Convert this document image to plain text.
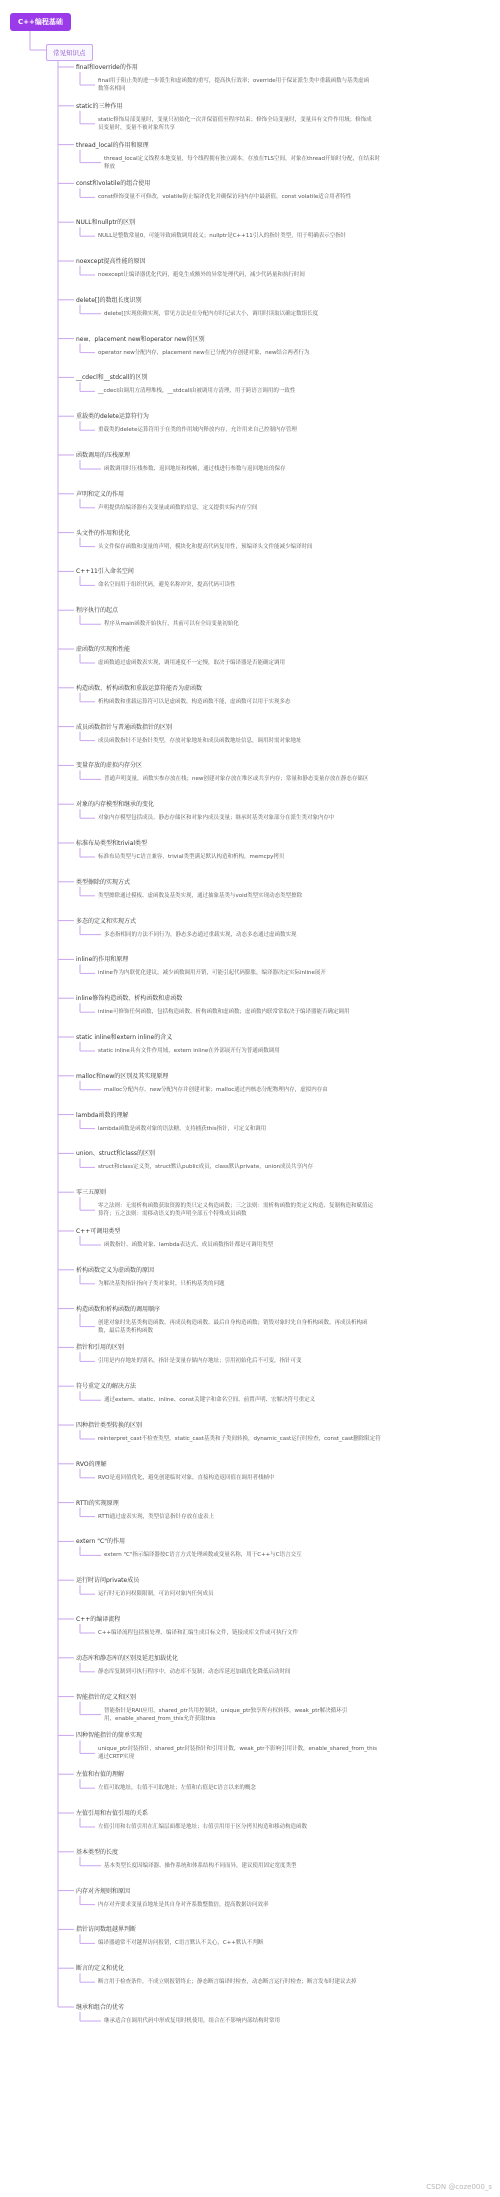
C++编程基础
常见知识点
final和override的作用
final用于阻止类的进一步派生和虚函数的重写，提高执行效率；override用于保证派生类中重载函数与基类虚函
数签名相同
static的三种作用
static修饰局部变量时，变量只初始化一次并保留值至程序结束；修饰全局变量时，变量具有文件作用域；修饰成
员变量时，变量不被对象所共享
thread_local的作用和原理
thread_local定义线程本地变量，每个线程拥有独立副本，存放在TLS空间，对象在thread开始时分配，在结束时
释放
const和volatile的组合使用
const修饰变量不可修改，volatile防止编译优化并确保访问内存中最新值，const volatile适合用者特性
NULL和nullptr的区别
NULL是整数常量0，可能导致函数调用歧义；nullptr是C++11引入的指针类型，用于明确表示空指针
noexcept提高性能的原因
noexcept让编译器优化代码，避免生成额外的异常处理代码，减少代码量和执行时间
delete[]的数组长度识别
delete[]实现依赖实现，常见方法是在分配内存时记录大小，调用时读取以确定数组长度
new、placement new和operator new的区别
operator new分配内存，placement new在已分配内存创建对象，new结合两者行为
__cdecl和__stdcall的区别
__cdecl由调用方清理堆栈，__stdcall由被调用方清理，用于跨语言调用的一致性
重载类的delete运算符行为
重载类的delete运算符用于在类的作用域内释放内存，允许用来自己控制内存管理
函数调用的压栈原理
函数调用时压栈参数、返回地址和栈帧，通过栈进行参数与返回地址的保存
声明和定义的作用
声明提供给编译器有关变量或函数的信息，定义提供实际内存空间
头文件的作用和优化
头文件保存函数和变量的声明，模块化和提高代码复用性，预编译头文件能减少编译时间
C++11引入命名空间
命名空间用于组织代码，避免名称冲突，提高代码可读性
程序执行的起点
程序从main函数开始执行，其前可以有全局变量初始化
虚函数的实现和性能
虚函数通过虚函数表实现，调用速度不一定慢，取决于编译器是否能确定调用
构造函数、析构函数和重载运算符能否为虚函数
析构函数和重载运算符可以是虚函数，构造函数不能，虚函数可以用于实现多态
成员函数指针与普通函数指针的区别
成员函数指针不是指针类型，存放对象地址和成员函数地址信息，调用时需对象地址
变量存放的虚拟内存分区
普通声明变量，函数实参存放在栈；new创建对象存放在堆区或共享内存；常量和静态变量存放在静态存储区
对象的内存模型和继承的变化
对象内存模型包括成员、静态存储区和对象内成员变量；继承时基类对象部分在派生类对象内存中
标准布局类型和trivial类型
标准布局类型与C语言兼容，trivial类型满足默认构造和析构，memcpy拷贝
类型擦除的实现方式
类型擦除通过模板、虚函数及基类实现，通过抽象基类与void类型实现动态类型擦除
多态的定义和实现方式
多态指相同的方法不同行为，静态多态通过重载实现，动态多态通过虚函数实现
inline的作用和原理
inline作为内联优化建议，减少函数调用开销，可能引起代码膨胀，编译器决定实际inline展开
inline修饰构造函数、析构函数和虚函数
inline可修饰任何函数，包括构造函数、析构函数和虚函数；虚函数内联常常取决于编译器能否确定调用
static inline和extern inline的含义
static inline具有文件作用域，extern inline在外部展开行为普通函数调用
malloc和new的区别及其实现原理
malloc分配内存，new分配内存并创建对象；malloc通过内核态分配物理内存，虚拟内存由
lambda函数的理解
lambda函数是函数对象的语法糖，支持捕获this指针，可定义和调用
union、struct和class的区别
struct和class定义类，struct默认public成员，class默认private，union成员共享内存
零三五原则
零之法则：无需析构函数获取资源的类只定义构造函数；三之法则：需析构函数的类定义构造、复制构造和赋值运
算符；五之法则：需移动语义的类声明全部五个特殊成员函数
C++可调用类型
函数指针、函数对象、lambda表达式、成员函数指针都是可调用类型
析构函数定义为虚函数的原因
为解决基类指针指向子类对象时，只析构基类的问题
构造函数和析构函数的调用顺序
创建对象时先基类构造函数、再成员构造函数、最后自身构造函数；销毁对象时先自身析构函数、再成员析构函
数，最后基类析构函数
指针和引用的区别
引用是内存地址的别名，指针是变量存储内存地址；引用初始化后不可变，指针可变
符号重定义的解决方法
通过extern、static、inline、const关键字和命名空间、前置声明、宏解决符号重定义
四种指针类型转换的区别
reinterpret_cast不检查类型，static_cast基类和子类间转换，dynamic_cast运行时检查，const_cast删除限定符
RVO的理解
RVO是返回值优化，避免创建临时对象，直接构造返回值在调用者栈帧中
RTTI的实现原理
RTTI通过虚表实现，类型信息指针存放在虚表上
extern "C"的作用
extern "C"指示编译器按C语言方式处理函数或变量名称，用于C++与C语言交互
运行时访问private成员
运行时无访问权限限制，可访问对象内任何成员
C++的编译流程
C++编译流程包括预处理、编译和汇编生成目标文件，链接成库文件或可执行文件
动态库和静态库的区别及延迟加载优化
静态库复制到可执行程序中，动态库不复制；动态库延迟加载优化降低启动时间
智能指针的定义和区别
智能指针是RAII应用，shared_ptr共用控制块，unique_ptr独享所有权转移，weak_ptr解决循环引
用，enable_shared_from_this允许获取this
四种智能指针的简单实现
unique_ptr封装指针，shared_ptr封装指针和引用计数，weak_ptr不影响引用计数，enable_shared_from_this
通过CRTP实现
左值和右值的理解
左值可取地址，右值不可取地址；左值和右值是C语言以来的概念
左值引用和右值引用的关系
左值引用和右值引用在汇编层面都是地址；右值引用用于区分拷贝构造和移动构造函数
基本类型的长度
基本类型长度因编译器、操作系统和体系结构不同而异，建议使用固定宽度类型
内存对齐规则和原因
内存对齐要求变量首地址是其自身对齐系数整数倍，提高数据访问效率
指针访问数组越界判断
编译器通常不对越界访问报错，C语言默认不关心，C++默认不判断
断言的定义和优化
断言用于检查条件，不成立则报错终止；静态断言编译时检查，动态断言运行时检查；断言发布时建议去掉
继承和组合的优劣
继承适合在调用代码中形成复用时机使用，组合在不影响内部结构时常用
CSDN @coze000_s
